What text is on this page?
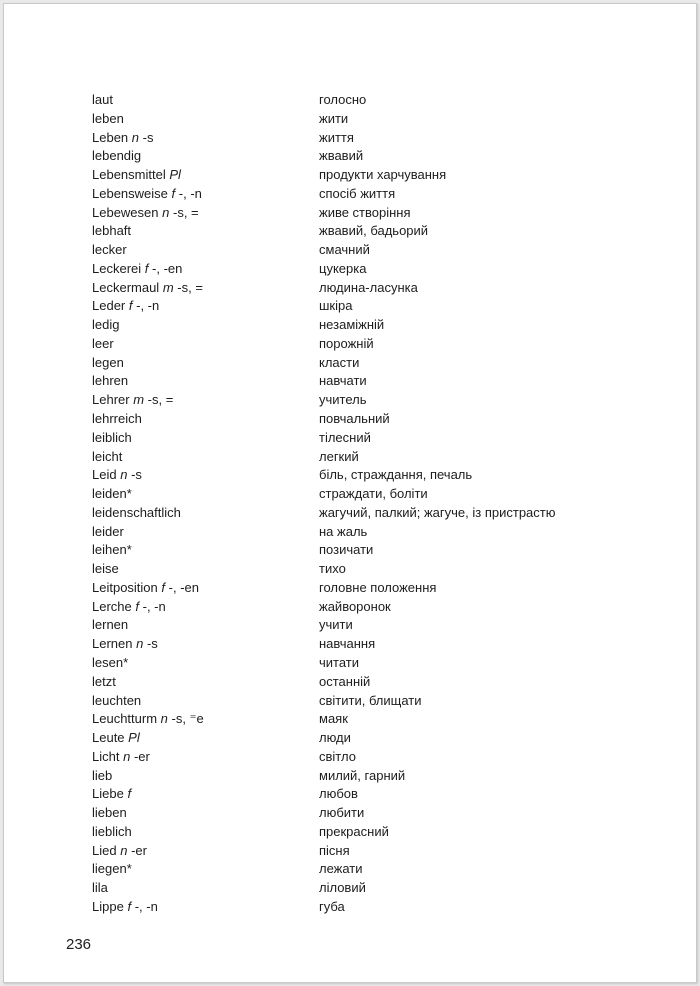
laut	голосно
leben	жити
Leben n -s	життя
lebendig	жвавий
Lebensmittel Pl	продукти харчування
Lebensweise f -, -n	спосіб життя
Lebewesen n -s, =	живе створіння
lebhaft	жвавий, бадьорий
lecker	смачний
Leckerei f -, -en	цукерка
Leckermaul m -s, =	людина-ласунка
Leder f -, -n	шкіра
ledig	незаміжній
leer	порожній
legen	класти
lehren	навчати
Lehrer m -s, =	учитель
lehrreich	повчальний
leiblich	тілесний
leicht	легкий
Leid n -s	біль, страждання, печаль
leiden*	страждати, боліти
leidenschaftlich	жагучий, палкий; жагуче, із пристрастю
leider	на жаль
leihen*	позичати
leise	тихо
Leitposition f -, -en	головне положення
Lerche f -, -n	жайворонок
lernen	учити
Lernen n -s	навчання
lesen*	читати
letzt	останній
leuchten	світити, блищати
Leuchtturm n -s, ⁼e	маяк
Leute Pl	люди
Licht n -er	світло
lieb	милий, гарний
Liebe f	любов
lieben	любити
lieblich	прекрасний
Lied n -er	пісня
liegen*	лежати
lila	ліловий
Lippe f -, -n	губа
236
